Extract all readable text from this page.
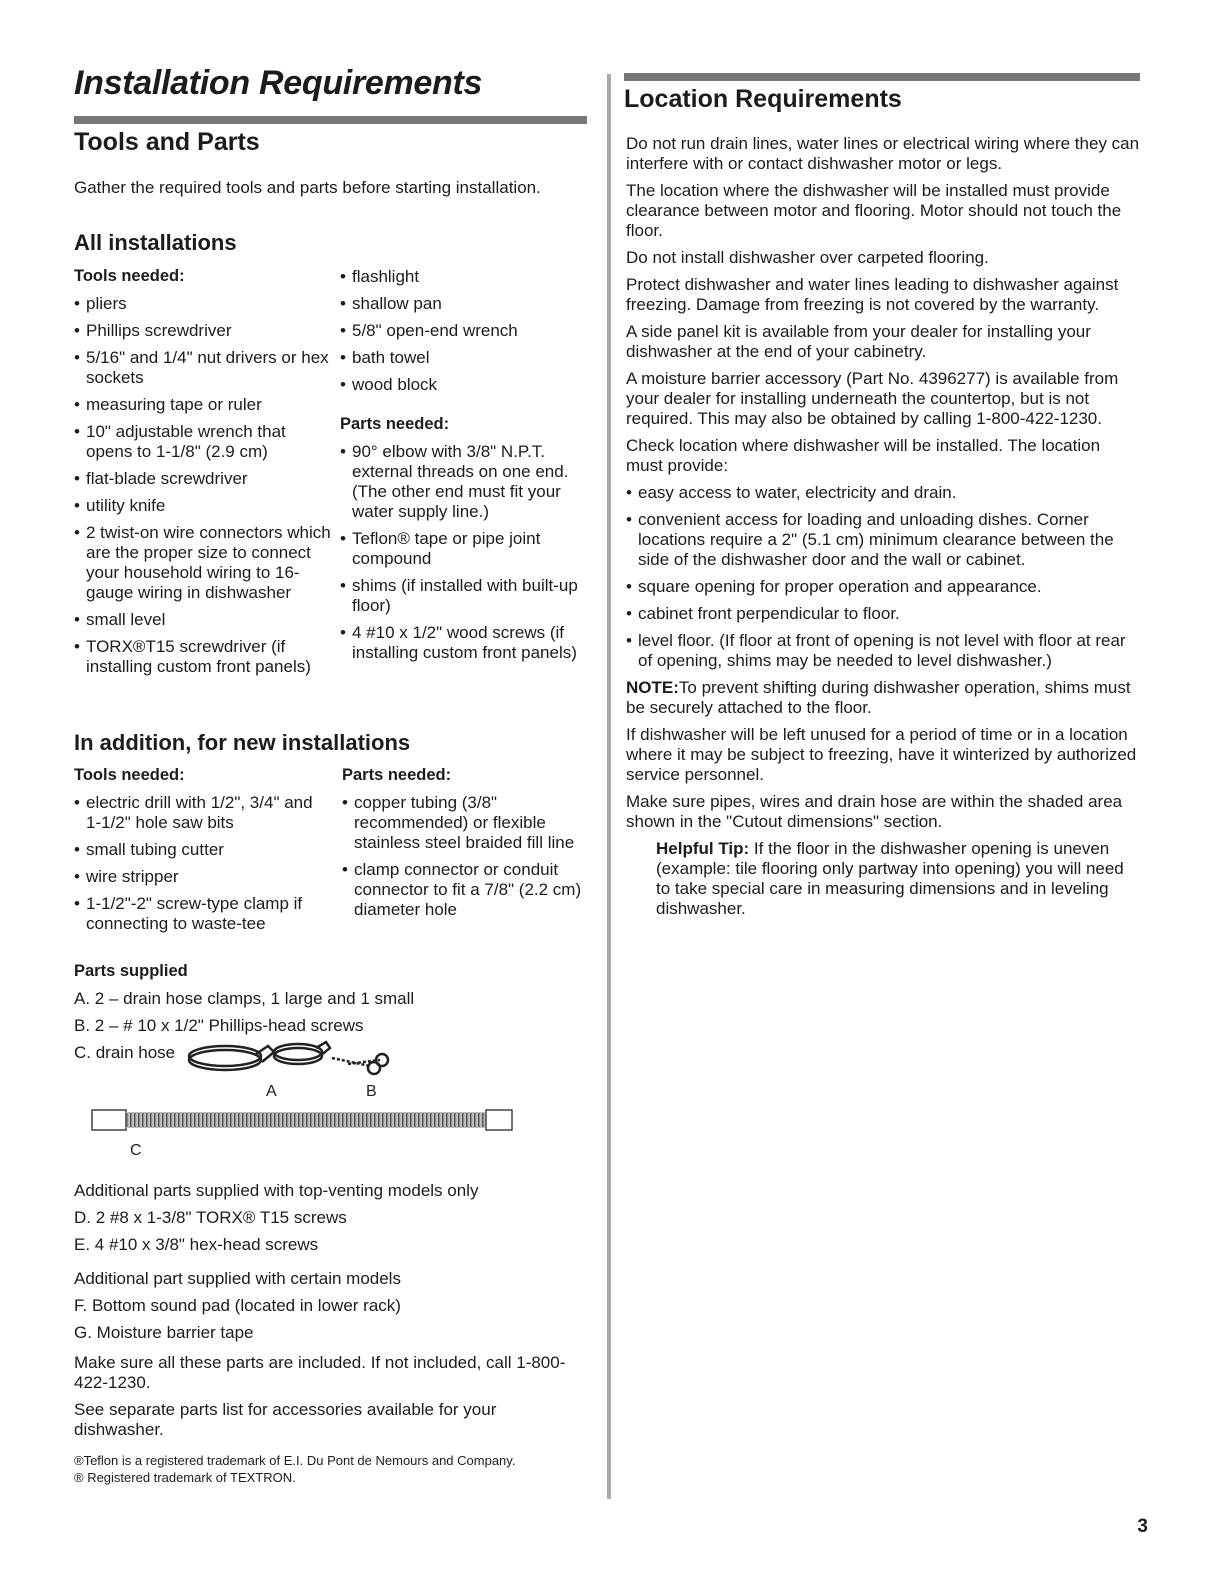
Installation Requirements
Tools and Parts

Gather the required tools and parts before starting installation.

All installations
Tools needed:
• pliers
• Phillips screwdriver
• 5/16" and 1/4" nut drivers or hex sockets
• measuring tape or ruler
• 10" adjustable wrench that opens to 1-1/8" (2.9 cm)
• flat-blade screwdriver
• utility knife
• 2 twist-on wire connectors which are the proper size to connect your household wiring to 16-gauge wiring in dishwasher
• small level
• TORX®T15 screwdriver (if installing custom front panels)
• flashlight
• shallow pan
• 5/8" open-end wrench
• bath towel
• wood block
Parts needed:
• 90° elbow with 3/8" N.P.T. external threads on one end. (The other end must fit your water supply line.)
• Teflon® tape or pipe joint compound
• shims (if installed with built-up floor)
• 4 #10 x 1/2" wood screws (if installing custom front panels)
In addition, for new installations
Tools needed:
• electric drill with 1/2", 3/4" and 1-1/2" hole saw bits
• small tubing cutter
• wire stripper
• 1-1/2"-2" screw-type clamp if connecting to waste-tee
Parts needed:
• copper tubing (3/8" recommended) or flexible stainless steel braided fill line
• clamp connector or conduit connector to fit a 7/8" (2.2 cm) diameter hole
Parts supplied

A. 2 – drain hose clamps, 1 large and 1 small

B. 2 – # 10 x 1/2" Phillips-head screws

C. drain hose

A	B
C

Additional parts supplied with top-venting models only

D. 2 #8 x 1-3/8" TORX® T15 screws

E. 4 #10 x 3/8" hex-head screws

Additional part supplied with certain models

F. Bottom sound pad (located in lower rack)

G. Moisture barrier tape

Make sure all these parts are included. If not included, call 1-800-422-1230.

See separate parts list for accessories available for your dishwasher.

®Teflon is a registered trademark of E.I. Du Pont de Nemours and Company.

® Registered trademark of TEXTRON.

Location Requirements

Do not run drain lines, water lines or electrical wiring where they can interfere with or contact dishwasher motor or legs.

The location where the dishwasher will be installed must provide clearance between motor and flooring. Motor should not touch the floor.

Do not install dishwasher over carpeted flooring.

Protect dishwasher and water lines leading to dishwasher against freezing. Damage from freezing is not covered by the warranty.

A side panel kit is available from your dealer for installing your dishwasher at the end of your cabinetry.

A moisture barrier accessory (Part No. 4396277) is available from your dealer for installing underneath the countertop, but is not required. This may also be obtained by calling 1-800-422-1230.

Check location where dishwasher will be installed. The location must provide:

• easy access to water, electricity and drain.
• convenient access for loading and unloading dishes. Corner locations require a 2" (5.1 cm) minimum clearance between the side of the dishwasher door and the wall or cabinet.
• square opening for proper operation and appearance.
• cabinet front perpendicular to floor.
• level floor. (If floor at front of opening is not level with floor at rear of opening, shims may be needed to level dishwasher.)

NOTE:To prevent shifting during dishwasher operation, shims must be securely attached to the floor.

If dishwasher will be left unused for a period of time or in a location where it may be subject to freezing, have it winterized by authorized service personnel.

Make sure pipes, wires and drain hose are within the shaded area shown in the "Cutout dimensions" section.

Helpful Tip: If the floor in the dishwasher opening is uneven (example: tile flooring only partway into opening) you will need to take special care in measuring dimensions and in leveling dishwasher.

3
